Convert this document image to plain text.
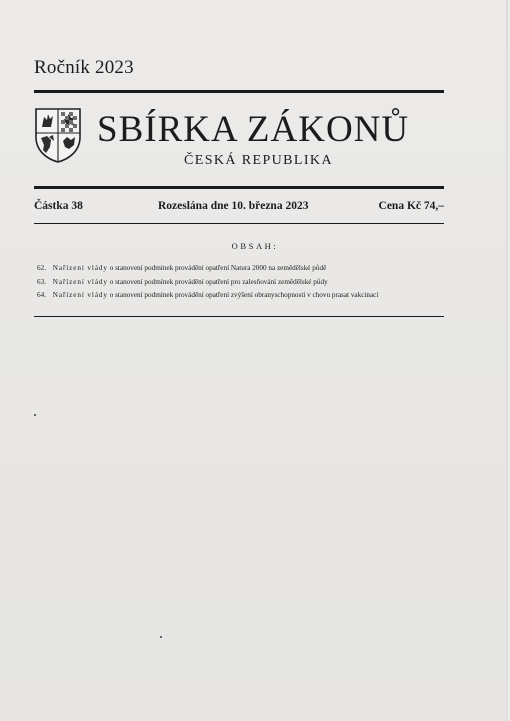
Ročník 2023
SBÍRKA ZÁKONŮ
ČESKÁ REPUBLIKA
Částka 38	Rozeslána dne 10. března 2023	Cena Kč 74,–
OBSAH:
62. Nařízení vlády o stanovení podmínek provádění opatření Natura 2000 na zemědělské půdě
63. Nařízení vlády o stanovení podmínek provádění opatření pro zalesňování zemědělské půdy
64. Nařízení vlády o stanovení podmínek provádění opatření zvýšení obranyschopnosti v chovu prasat vakcinací
